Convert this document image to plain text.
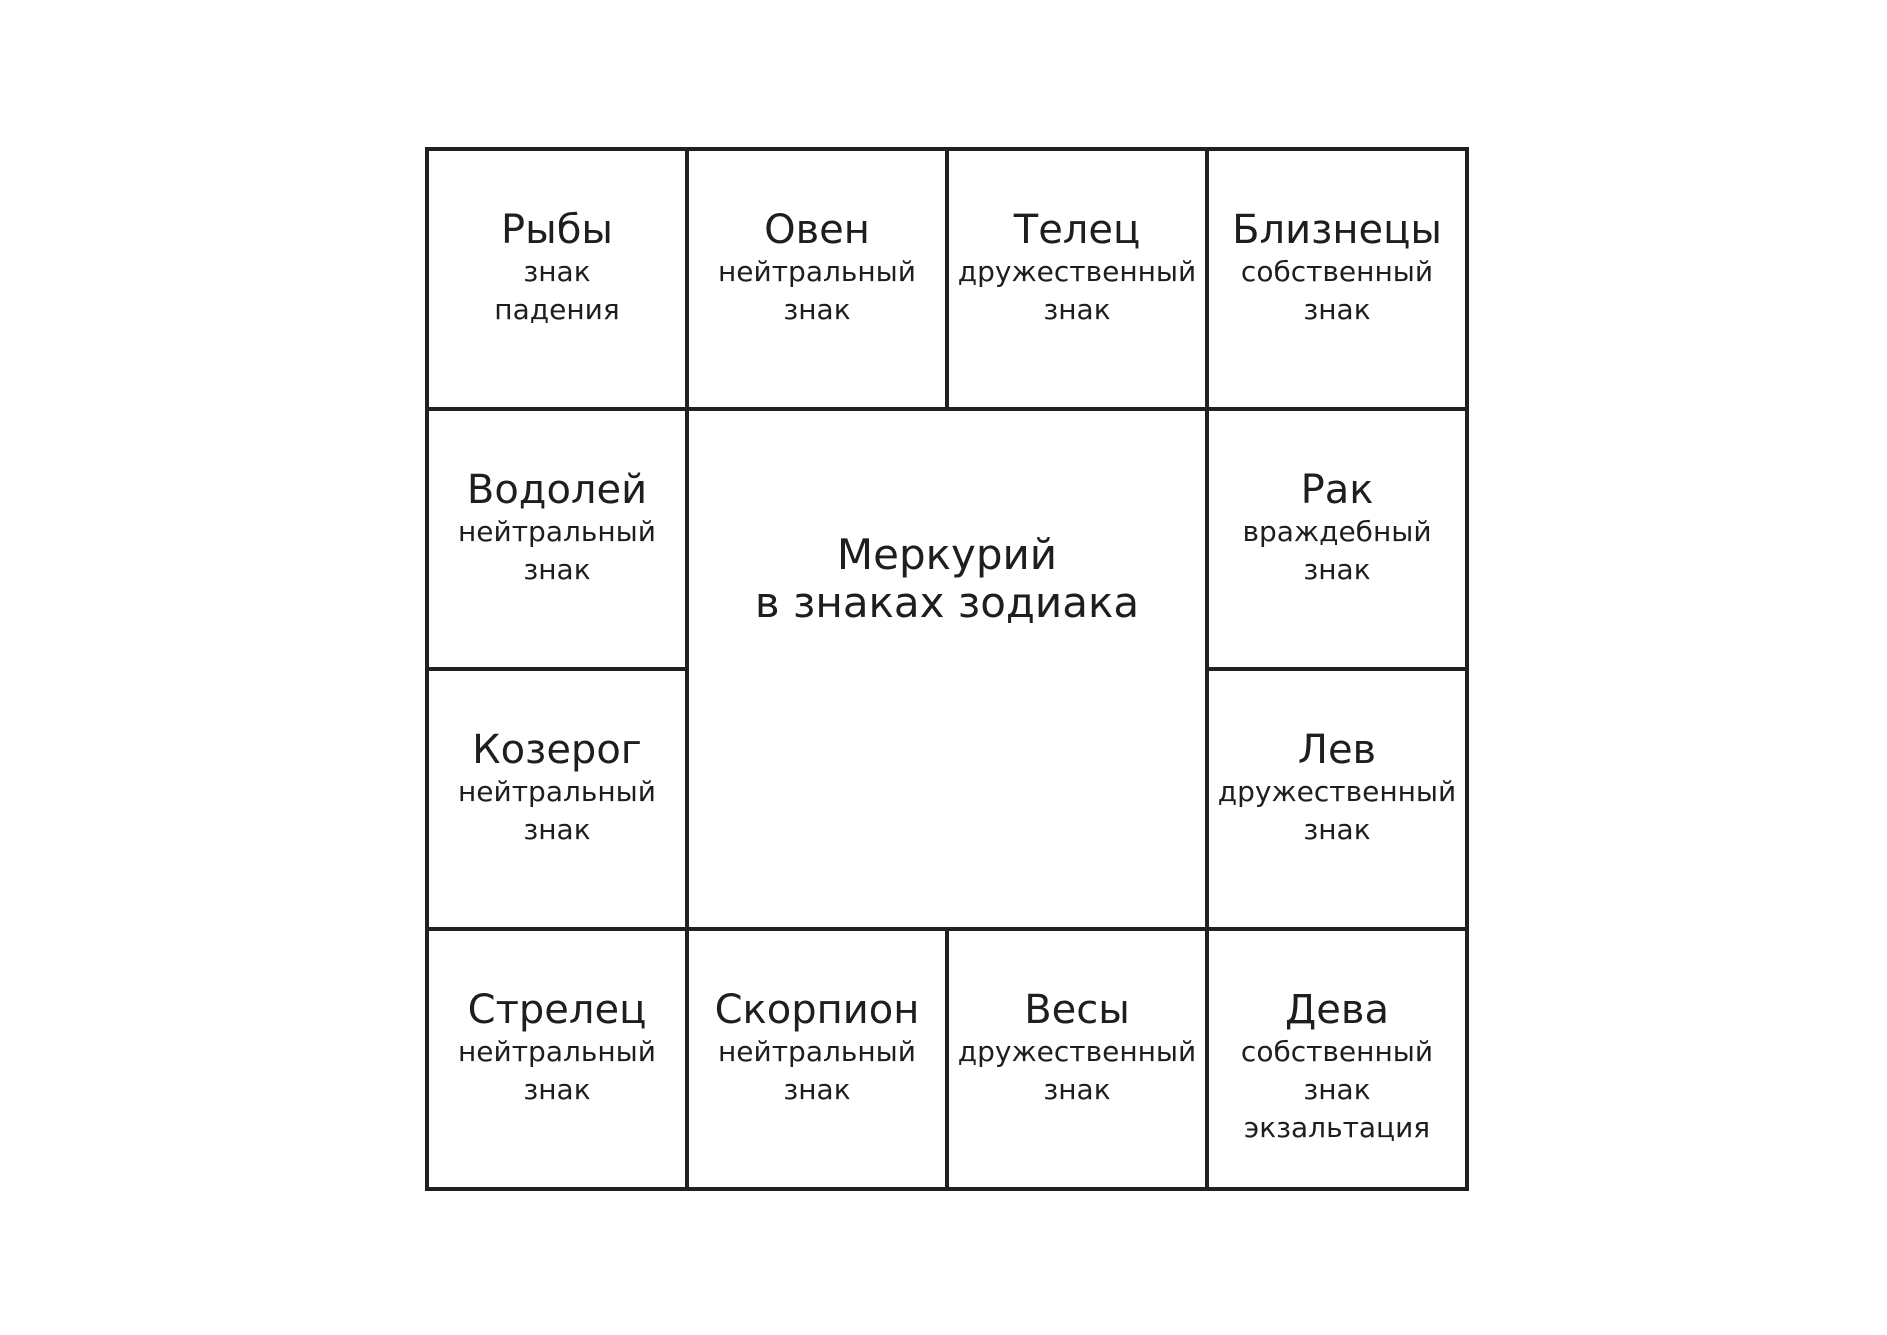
Рыбы
знак
падения
Овен
нейтральный
знак
Телец
дружественный
знак
Близнецы
собственный
знак
Водолей
нейтральный
знак
Козерог
нейтральный
знак
Меркурий
в знаках зодиака
Рак
враждебный
знак
Лев
дружественный
знак
Стрелец
нейтральный
знак
Скорпион
нейтральный
знак
Весы
дружественный
знак
Дева
собственный
знак
экзальтация
